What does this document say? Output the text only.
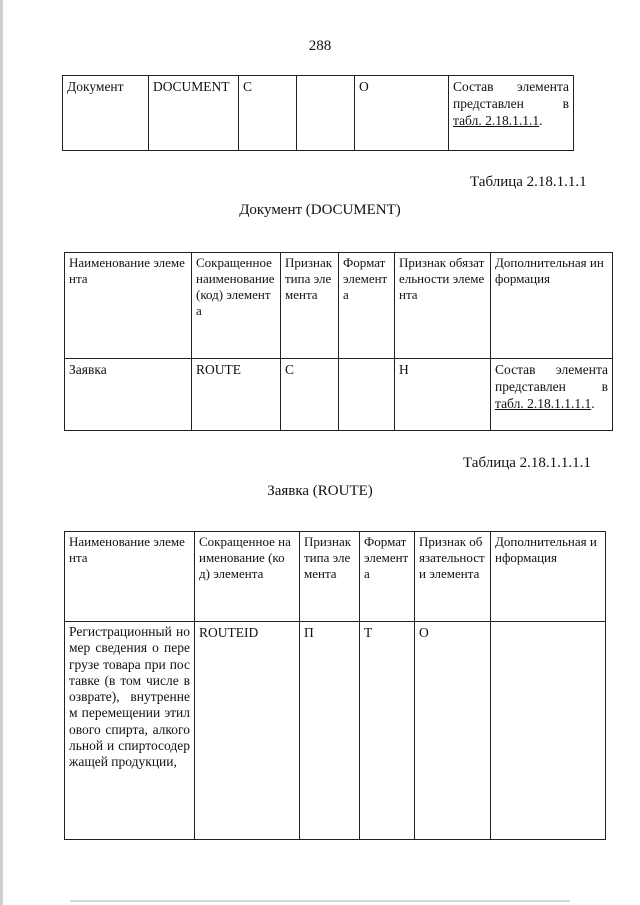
288
Документ	DOCUMENT	С		О	Состав элемента
представлен в
табл. 2.18.1.1.1.
Таблица 2.18.1.1.1
Документ (DOCUMENT)
Наименование элемента	Сокращенное наименование (код) элемента	Признак типа элемента	Формат элемента	Признак обязательности элемента	Дополнительная информация
Заявка	ROUTE	С		Н	Состав элемента
представлен в
табл. 2.18.1.1.1.1.
Таблица 2.18.1.1.1.1
Заявка (ROUTE)
Наименование элемента	Сокращенное наименование (код) элемента	Признак типа элемента	Формат элемента	Признак обязательности элемента	Дополнительная информация
Регистрационный номер сведения о перегрузе товара при поставке (в том числе возврате), внутреннем перемещении этилового спирта, алкогольной и спиртосодержащей продукции,	ROUTEID	П	Т	О	
